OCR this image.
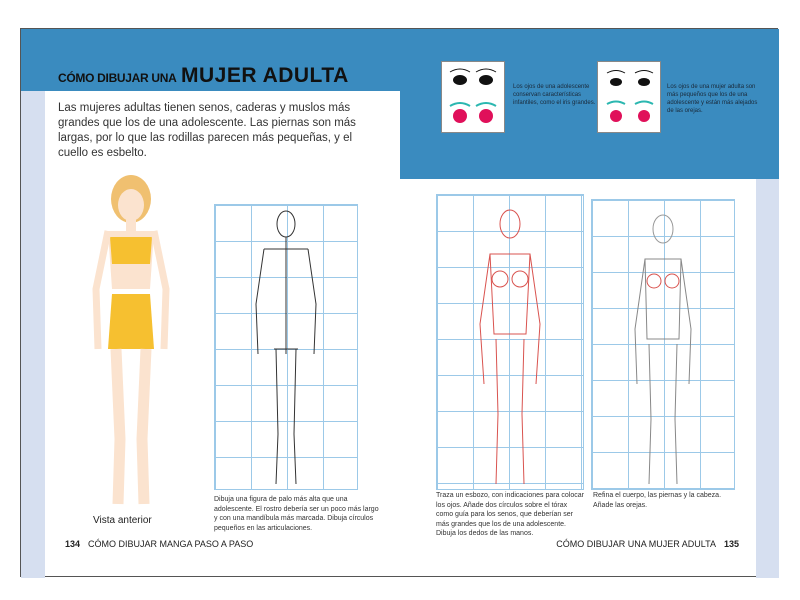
CÓMO DIBUJAR UNA MUJER ADULTA

Las mujeres adultas tienen senos, caderas y muslos más grandes que los de una adolescente. Las piernas son más largas, por lo que las rodillas parecen más pequeñas, y el cuello es esbelto.

Los ojos de una adolescente conservan características infantiles, como el iris grandes.

Los ojos de una mujer adulta son más pequeños que los de una adolescente y están más alejados de las orejas.

Vista anterior

Dibuja una figura de palo más alta que una adolescente. El rostro debería ser un poco más largo y con una mandíbula más marcada. Dibuja círculos pequeños en las articulaciones.

Traza un esbozo, con indicaciones para colocar los ojos. Añade dos círculos sobre el tórax como guía para los senos, que deberían ser más grandes que los de una adolescente. Dibuja los dedos de las manos.

Refina el cuerpo, las piernas y la cabeza. Añade las orejas.

134 CÓMO DIBUJAR MANGA PASO A PASO	CÓMO DIBUJAR UNA MUJER ADULTA 135
